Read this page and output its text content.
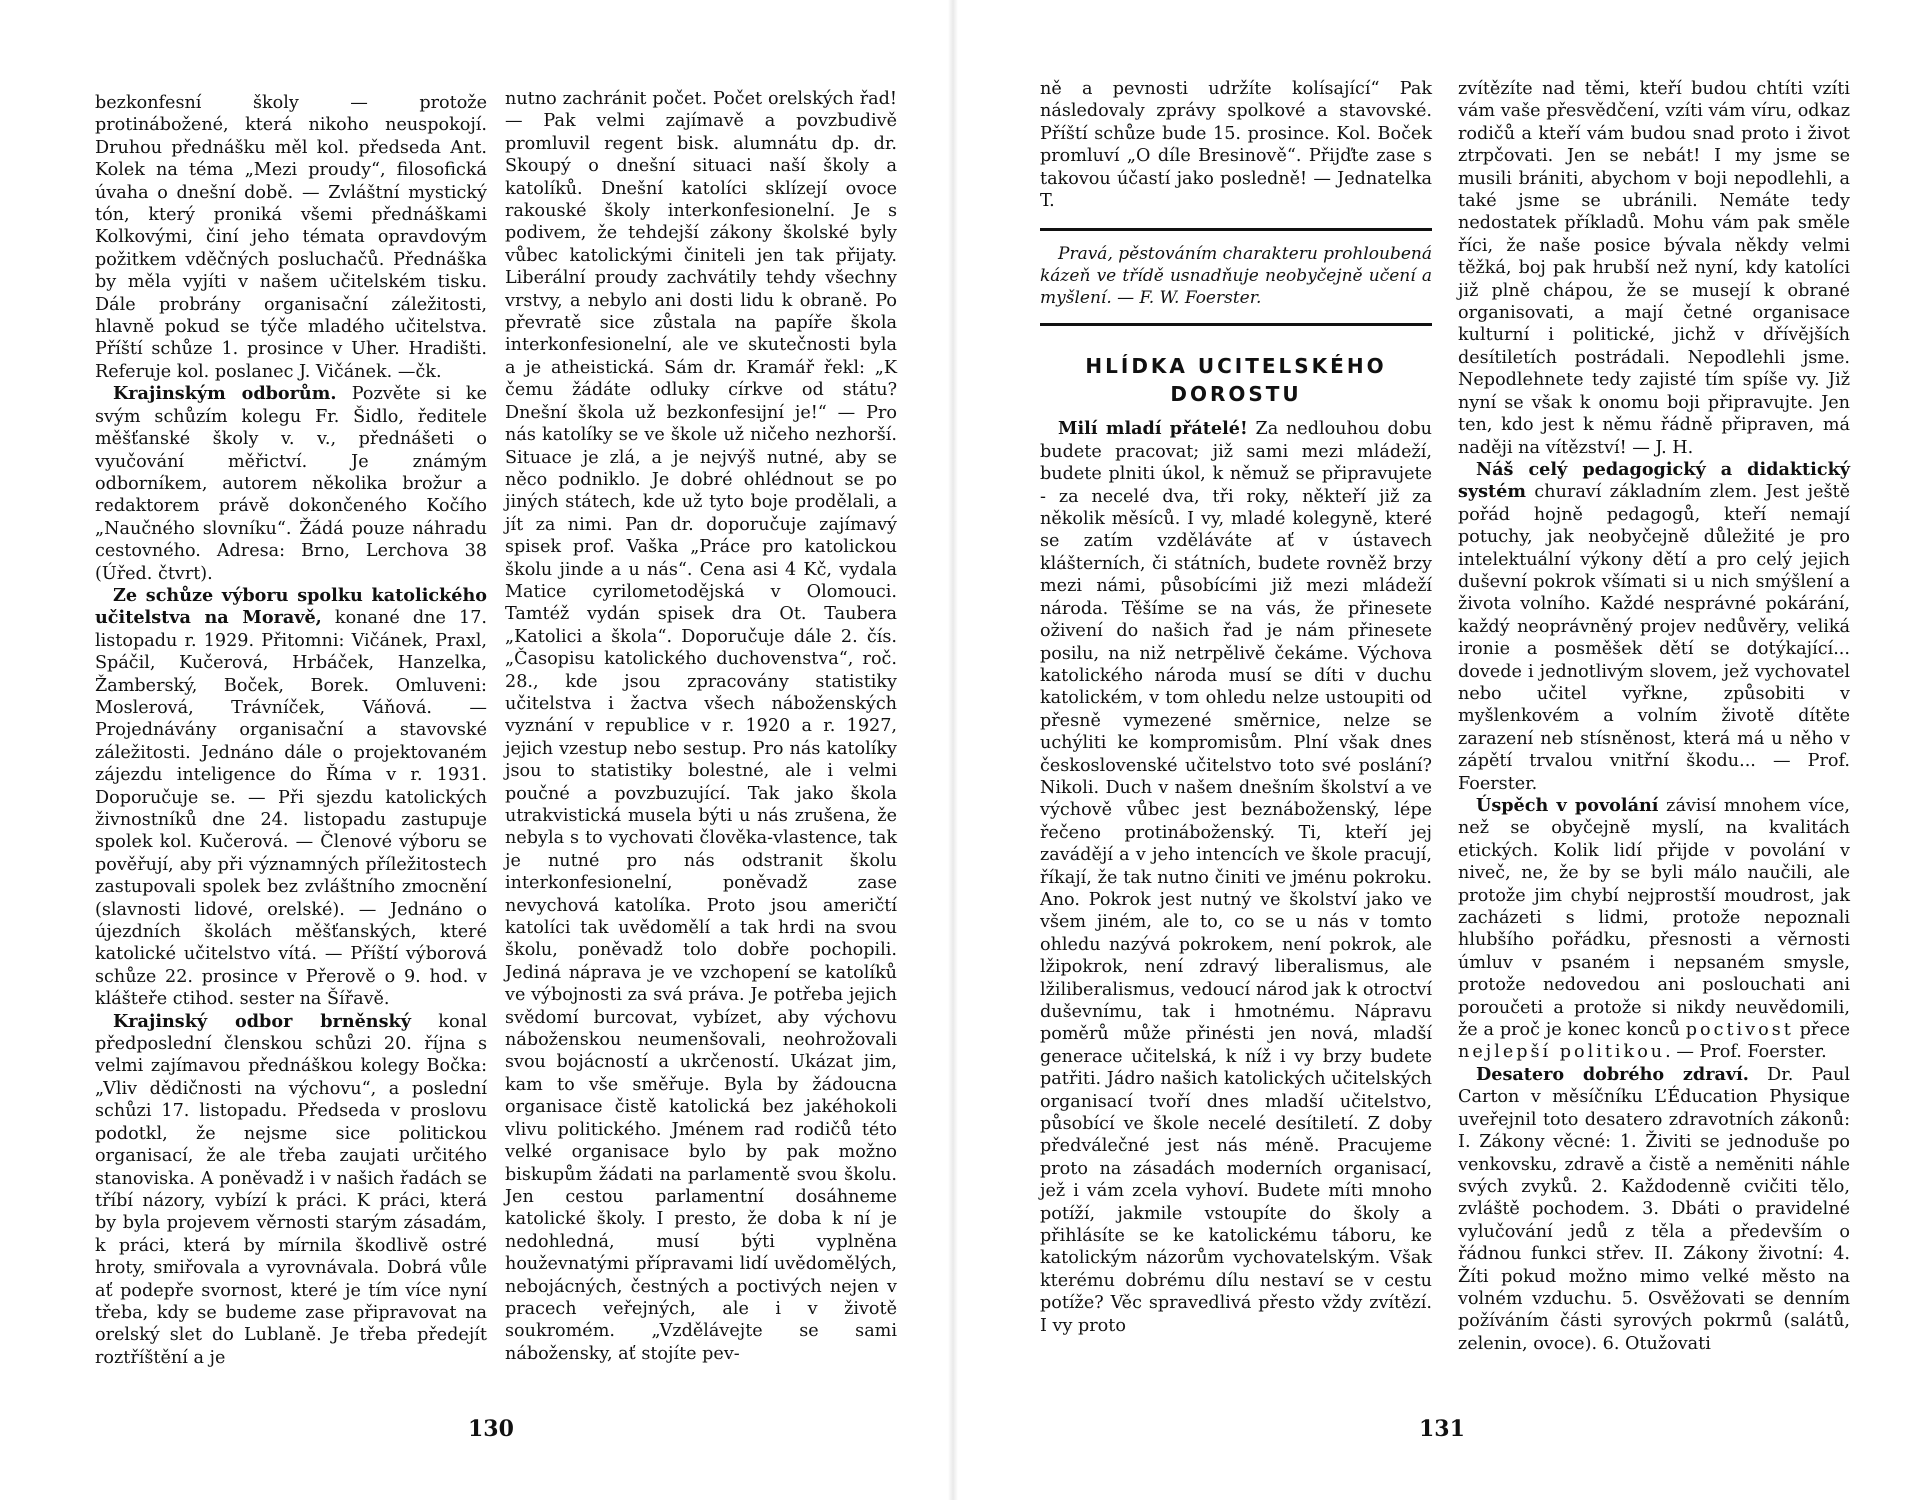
bezkonfesní školy — protože protinábožené, která nikoho neuspokojí. Druhou přednášku měl kol. předseda Ant. Kolek na téma „Mezi proudy“, filosofická úvaha o dnešní době. — Zvláštní mystický tón, který proniká všemi přednáškami Kolkovými, činí jeho témata opravdovým požitkem vděčných posluchačů. Přednáška by měla vyjíti v našem učitelském tisku. Dále probrány organisační záležitosti, hlavně pokud se týče mladého učitelstva. Příští schůze 1. prosince v Uher. Hradišti. Referuje kol. poslanec J. Vičánek. —čk.

Krajinským odborům. Pozvěte si ke svým schůzím kolegu Fr. Šidlo, ředitele měšťanské školy v. v., přednášeti o vyučování měřictví. Je známým odborníkem, autorem několika brožur a redaktorem právě dokončeného Kočího „Naučného slovníku“. Žádá pouze náhradu cestovného. Adresa: Brno, Lerchova 38 (Úřed. čtvrt).

Ze schůze výboru spolku katolického učitelstva na Moravě, konané dne 17. listopadu r. 1929. Přitomni: Vičánek, Praxl, Spáčil, Kučerová, Hrbáček, Hanzelka, Žamberský, Boček, Borek. Omluveni: Moslerová, Trávníček, Váňová. — Projednávány organisační a stavovské záležitosti. Jednáno dále o projektovaném zájezdu inteligence do Říma v r. 1931. Doporučuje se. — Při sjezdu katolických živnostníků dne 24. listopadu zastupuje spolek kol. Kučerová. — Členové výboru se pověřují, aby při významných příležitostech zastupovali spolek bez zvláštního zmocnění (slavnosti lidové, orelské). — Jednáno o újezdních školách měšťanských, které katolické učitelstvo vítá. — Příští výborová schůze 22. prosince v Přerově o 9. hod. v klášteře ctihod. sester na Šířavě.

Krajinský odbor brněnský konal předposlední členskou schůzi 20. října s velmi zajímavou přednáškou kolegy Bočka: „Vliv dědičnosti na výchovu“, a poslední schůzi 17. listopadu. Předseda v proslovu podotkl, že nejsme sice politickou organisací, že ale třeba zaujati určitého stanoviska. A poněvadž i v našich řadách se tříbí názory, vybízí k práci. K práci, která by byla projevem věrnosti starým zásadám, k práci, která by mírnila škodlivě ostré hroty, smiřovala a vyrovnávala. Dobrá vůle ať podepře svornost, které je tím více nyní třeba, kdy se budeme zase připravovat na orelský slet do Lublaně. Je třeba předejít roztříštění a je

nutno zachránit počet. Počet orelských řad! — Pak velmi zajímavě a povzbudivě promluvil regent bisk. alumnátu dp. dr. Skoupý o dnešní situaci naší školy a katolíků. Dnešní katolíci sklízejí ovoce rakouské školy interkonfesionelní. Je s podivem, že tehdejší zákony školské byly vůbec katolickými činiteli jen tak přijaty. Liberální proudy zachvátily tehdy všechny vrstvy, a nebylo ani dosti lidu k obraně. Po převratě sice zůstala na papíře škola interkonfesionelní, ale ve skutečnosti byla a je atheistická. Sám dr. Kramář řekl: „K čemu žádáte odluky církve od státu? Dnešní škola už bezkonfesijní je!“ — Pro nás katolíky se ve škole už ničeho nezhorší. Situace je zlá, a je nejvýš nutné, aby se něco podniklo. Je dobré ohlédnout se po jiných státech, kde už tyto boje prodělali, a jít za nimi. Pan dr. doporučuje zajímavý spisek prof. Vaška „Práce pro katolickou školu jinde a u nás“. Cena asi 4 Kč, vydala Matice cyrilometodějská v Olomouci. Tamtéž vydán spisek dra Ot. Taubera „Katolici a škola“. Doporučuje dále 2. čís. „Časopisu katolického duchovenstva“, roč. 28., kde jsou zpracovány statistiky učitelstva i žactva všech náboženských vyznání v republice v r. 1920 a r. 1927, jejich vzestup nebo sestup. Pro nás katolíky jsou to statistiky bolestné, ale i velmi poučné a povzbuzující. Tak jako škola utrakvistická musela býti u nás zrušena, že nebyla s to vychovati člověka-vlastence, tak je nutné pro nás odstranit školu interkonfesionelní, poněvadž zase nevychová katolíka. Proto jsou američtí katolíci tak uvědomělí a tak hrdi na svou školu, poněvadž tolo dobře pochopili. Jediná náprava je ve vzchopení se katolíků ve výbojnosti za svá práva. Je potřeba jejich svědomí burcovat, vybízet, aby výchovu náboženskou neumenšovali, neohrožovali svou bojácností a ukrčeností. Ukázat jim, kam to vše směřuje. Byla by žádoucna organisace čistě katolická bez jakéhokoli vlivu politického. Jménem rad rodičů této velké organisace bylo by pak možno biskupům žádati na parlamentě svou školu. Jen cestou parlamentní dosáhneme katolické školy. I presto, že doba k ní je nedohledná, musí býti vyplněna houževnatými přípravami lidí uvědomělých, nebojácných, čestných a poctivých nejen v pracech veřejných, ale i v životě soukromém. „Vzdělávejte se sami nábožensky, ať stojíte pev-

ně a pevnosti udržíte kolísající“ Pak následovaly zprávy spolkové a stavovské. Příští schůze bude 15. prosince. Kol. Boček promluví „O díle Bresinově“. Přijďte zase s takovou účastí jako posledně! — Jednatelka T.

Pravá, pěstováním charakteru prohloubená kázeň ve třídě usnadňuje neobyčejně učení a myšlení. — F. W. Foerster.

HLÍDKA UCITELSKÉHO DOROSTU

Milí mladí přátelé! Za nedlouhou dobu budete pracovat; již sami mezi mládeží, budete plniti úkol, k němuž se připravujete - za necelé dva, tři roky, někteří již za několik měsíců. I vy, mladé kolegyně, které se zatím vzděláváte ať v ústavech klášterních, či státních, budete rovněž brzy mezi námi, působícími již mezi mládeží národa. Těšíme se na vás, že přinesete oživení do našich řad je nám přinesete posilu, na niž netrpělivě čekáme. Výchova katolického národa musí se díti v duchu katolickém, v tom ohledu nelze ustoupiti od přesně vymezené směrnice, nelze se uchýliti ke kompromisům. Plní však dnes československé učitelstvo toto své poslání? Nikoli. Duch v našem dnešním školství a ve výchově vůbec jest beznáboženský, lépe řečeno protináboženský. Ti, kteří jej zavádějí a v jeho intencích ve škole pracují, říkají, že tak nutno činiti ve jménu pokroku. Ano. Pokrok jest nutný ve školství jako ve všem jiném, ale to, co se u nás v tomto ohledu nazývá pokrokem, není pokrok, ale lžipokrok, není zdravý liberalismus, ale lžiliberalismus, vedoucí národ jak k otroctví duševnímu, tak i hmotnému. Nápravu poměrů může přinésti jen nová, mladší generace učitelská, k níž i vy brzy budete patřiti. Jádro našich katolických učitelských organisací tvoří dnes mladší učitelstvo, působící ve škole necelé desítiletí. Z doby předválečné jest nás méně. Pracujeme proto na zásadách moderních organisací, jež i vám zcela vyhoví. Budete míti mnoho potíží, jakmile vstoupíte do školy a přihlásíte se ke katolickému táboru, ke katolickým názorům vychovatelským. Však kterému dobrému dílu nestaví se v cestu potíže? Věc spravedlivá přesto vždy zvítězí. I vy proto

zvítězíte nad těmi, kteří budou chtíti vzíti vám vaše přesvědčení, vzíti vám víru, odkaz rodičů a kteří vám budou snad proto i život ztrpčovati. Jen se nebát! I my jsme se musili brániti, abychom v boji nepodlehli, a také jsme se ubránili. Nemáte tedy nedostatek příkladů. Mohu vám pak směle říci, že naše posice bývala někdy velmi těžká, boj pak hrubší než nyní, kdy katolíci již plně chápou, že se musejí k obrané organisovati, a mají četné organisace kulturní i politické, jichž v dřívějších desítiletích postrádali. Nepodlehli jsme. Nepodlehnete tedy zajisté tím spíše vy. Již nyní se však k onomu boji připravujte. Jen ten, kdo jest k němu řádně připraven, má naději na vítězství! — J. H.

Náš celý pedagogický a didaktický systém churaví základním zlem. Jest ještě pořád hojně pedagogů, kteří nemají potuchy, jak neobyčejně důležité je pro intelektuální výkony dětí a pro celý jejich duševní pokrok všímati si u nich smýšlení a života volního. Každé nesprávné pokárání, každý neoprávněný projev nedůvěry, veliká ironie a posměšek dětí se dotýkající... dovede i jednotlivým slovem, jež vychovatel nebo učitel vyřkne, způsobiti v myšlenkovém a volním životě dítěte zarazení neb stísněnost, která má u něho v zápětí trvalou vnitřní škodu... — Prof. Foerster.

Úspěch v povolání závisí mnohem více, než se obyčejně myslí, na kvalitách etických. Kolik lidí přijde v povolání v niveč, ne, že by se byli málo naučili, ale protože jim chybí nejprostší moudrost, jak zacházeti s lidmi, protože nepoznali hlubšího pořádku, přesnosti a věrnosti úmluv v psaném i nepsaném smysle, protože nedovedou ani poslouchati ani poroučeti a protože si nikdy neuvědomili, že a proč je konec konců poctivost přece nejlepší politikou. — Prof. Foerster.

Desatero dobrého zdraví. Dr. Paul Carton v měsíčníku L’Éducation Physique uveřejnil toto desatero zdravotních zákonů: I. Zákony věcné: 1. Živiti se jednoduše po venkovsku, zdravě a čistě a neměniti náhle svých zvyků. 2. Každodenně cvičiti tělo, zvláště pochodem. 3. Dbáti o pravidelné vylučování jedů z těla a především o řádnou funkci střev. II. Zákony životní: 4. Žíti pokud možno mimo velké město na volném vzduchu. 5. Osvěžovati se denním požíváním části syrových pokrmů (salátů, zelenin, ovoce). 6. Otužovati

130	131
